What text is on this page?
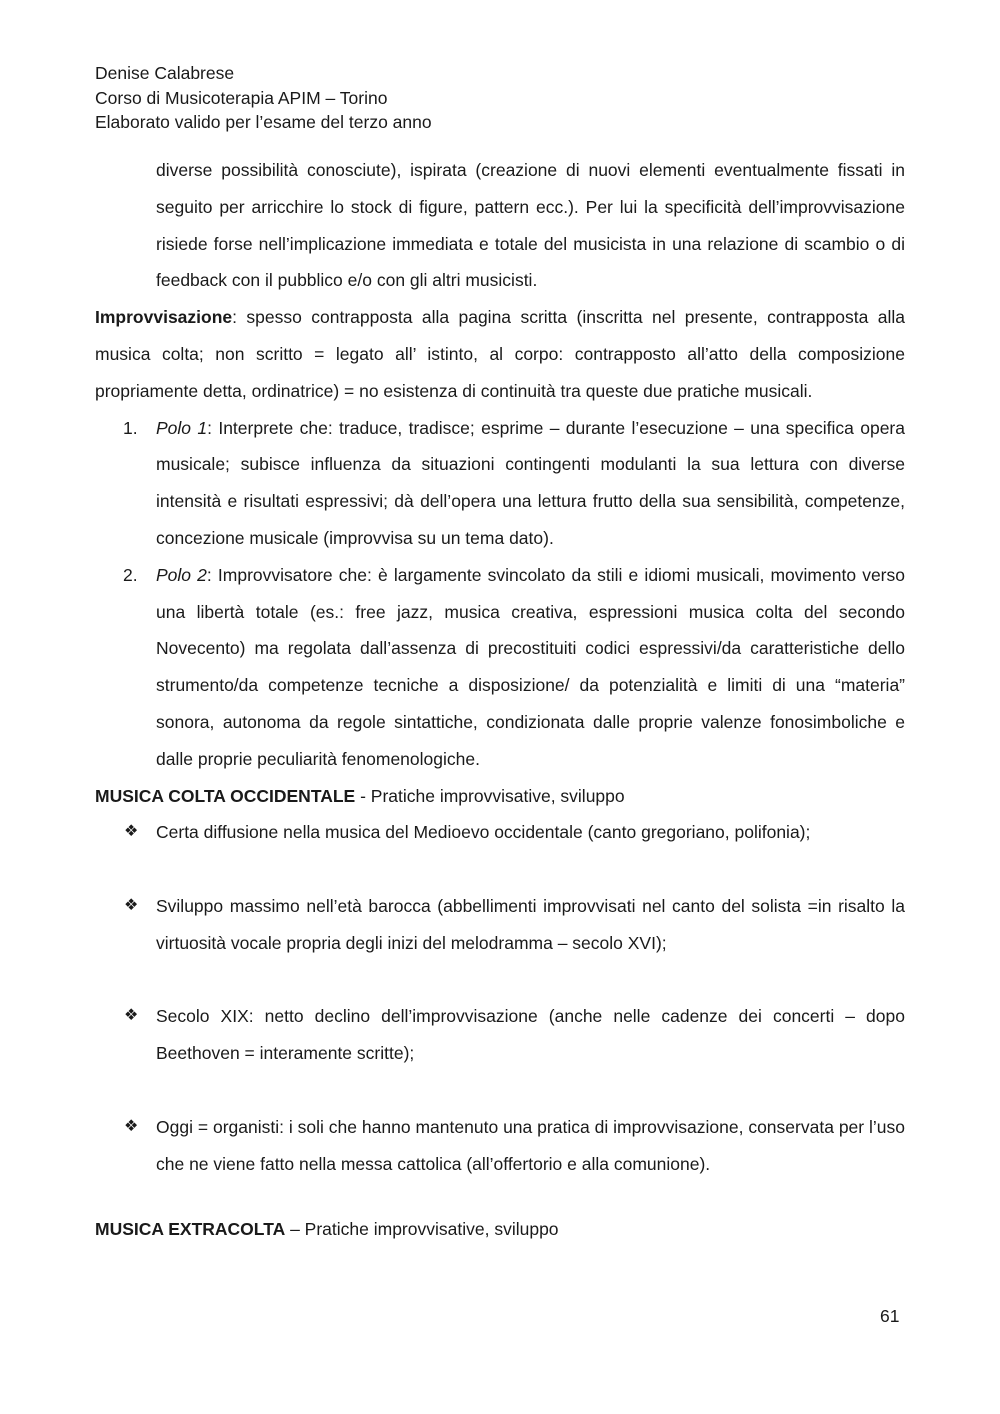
Denise Calabrese
Corso di Musicoterapia APIM – Torino
Elaborato valido per l’esame del terzo anno
diverse possibilità conosciute), ispirata (creazione di nuovi elementi eventualmente fissati in seguito per arricchire lo stock di figure, pattern ecc.). Per lui la specificità dell’improvvisazione risiede forse nell’implicazione immediata e totale del musicista in una relazione di scambio o di feedback con il pubblico e/o con gli altri musicisti.
Improvvisazione: spesso contrapposta alla pagina scritta (inscritta nel presente, contrapposta alla musica colta; non scritto = legato all’ istinto, al corpo: contrapposto all’atto della composizione propriamente detta, ordinatrice) = no esistenza di continuità tra queste due pratiche musicali.
1. Polo 1: Interprete che: traduce, tradisce; esprime – durante l’esecuzione – una specifica opera musicale; subisce influenza da situazioni contingenti modulanti la sua lettura con diverse intensità e risultati espressivi; dà dell’opera una lettura frutto della sua sensibilità, competenze, concezione musicale (improvvisa su un tema dato).
2. Polo 2: Improvvisatore che: è largamente svincolato da stili e idiomi musicali, movimento verso una libertà totale (es.: free jazz, musica creativa, espressioni musica colta del secondo Novecento) ma regolata dall’assenza di precostituiti codici espressivi/da caratteristiche dello strumento/da competenze tecniche a disposizione/ da potenzialità e limiti di una “materia” sonora, autonoma da regole sintattiche, condizionata dalle proprie valenze fonosimboliche e dalle proprie peculiarità fenomenologiche.
MUSICA COLTA OCCIDENTALE - Pratiche improvvisative, sviluppo
❖ Certa diffusione nella musica del Medioevo occidentale (canto gregoriano, polifonia);
❖ Sviluppo massimo nell’età barocca (abbellimenti improvvisati nel canto del solista =in risalto la virtuosità vocale propria degli inizi del melodramma – secolo XVI);
❖ Secolo XIX: netto declino dell’improvvisazione (anche nelle cadenze dei concerti – dopo Beethoven = interamente scritte);
❖ Oggi = organisti: i soli che hanno mantenuto una pratica di improvvisazione, conservata per l’uso che ne viene fatto nella messa cattolica (all’offertorio e alla comunione).
MUSICA EXTRACOLTA – Pratiche improvvisative, sviluppo
61
